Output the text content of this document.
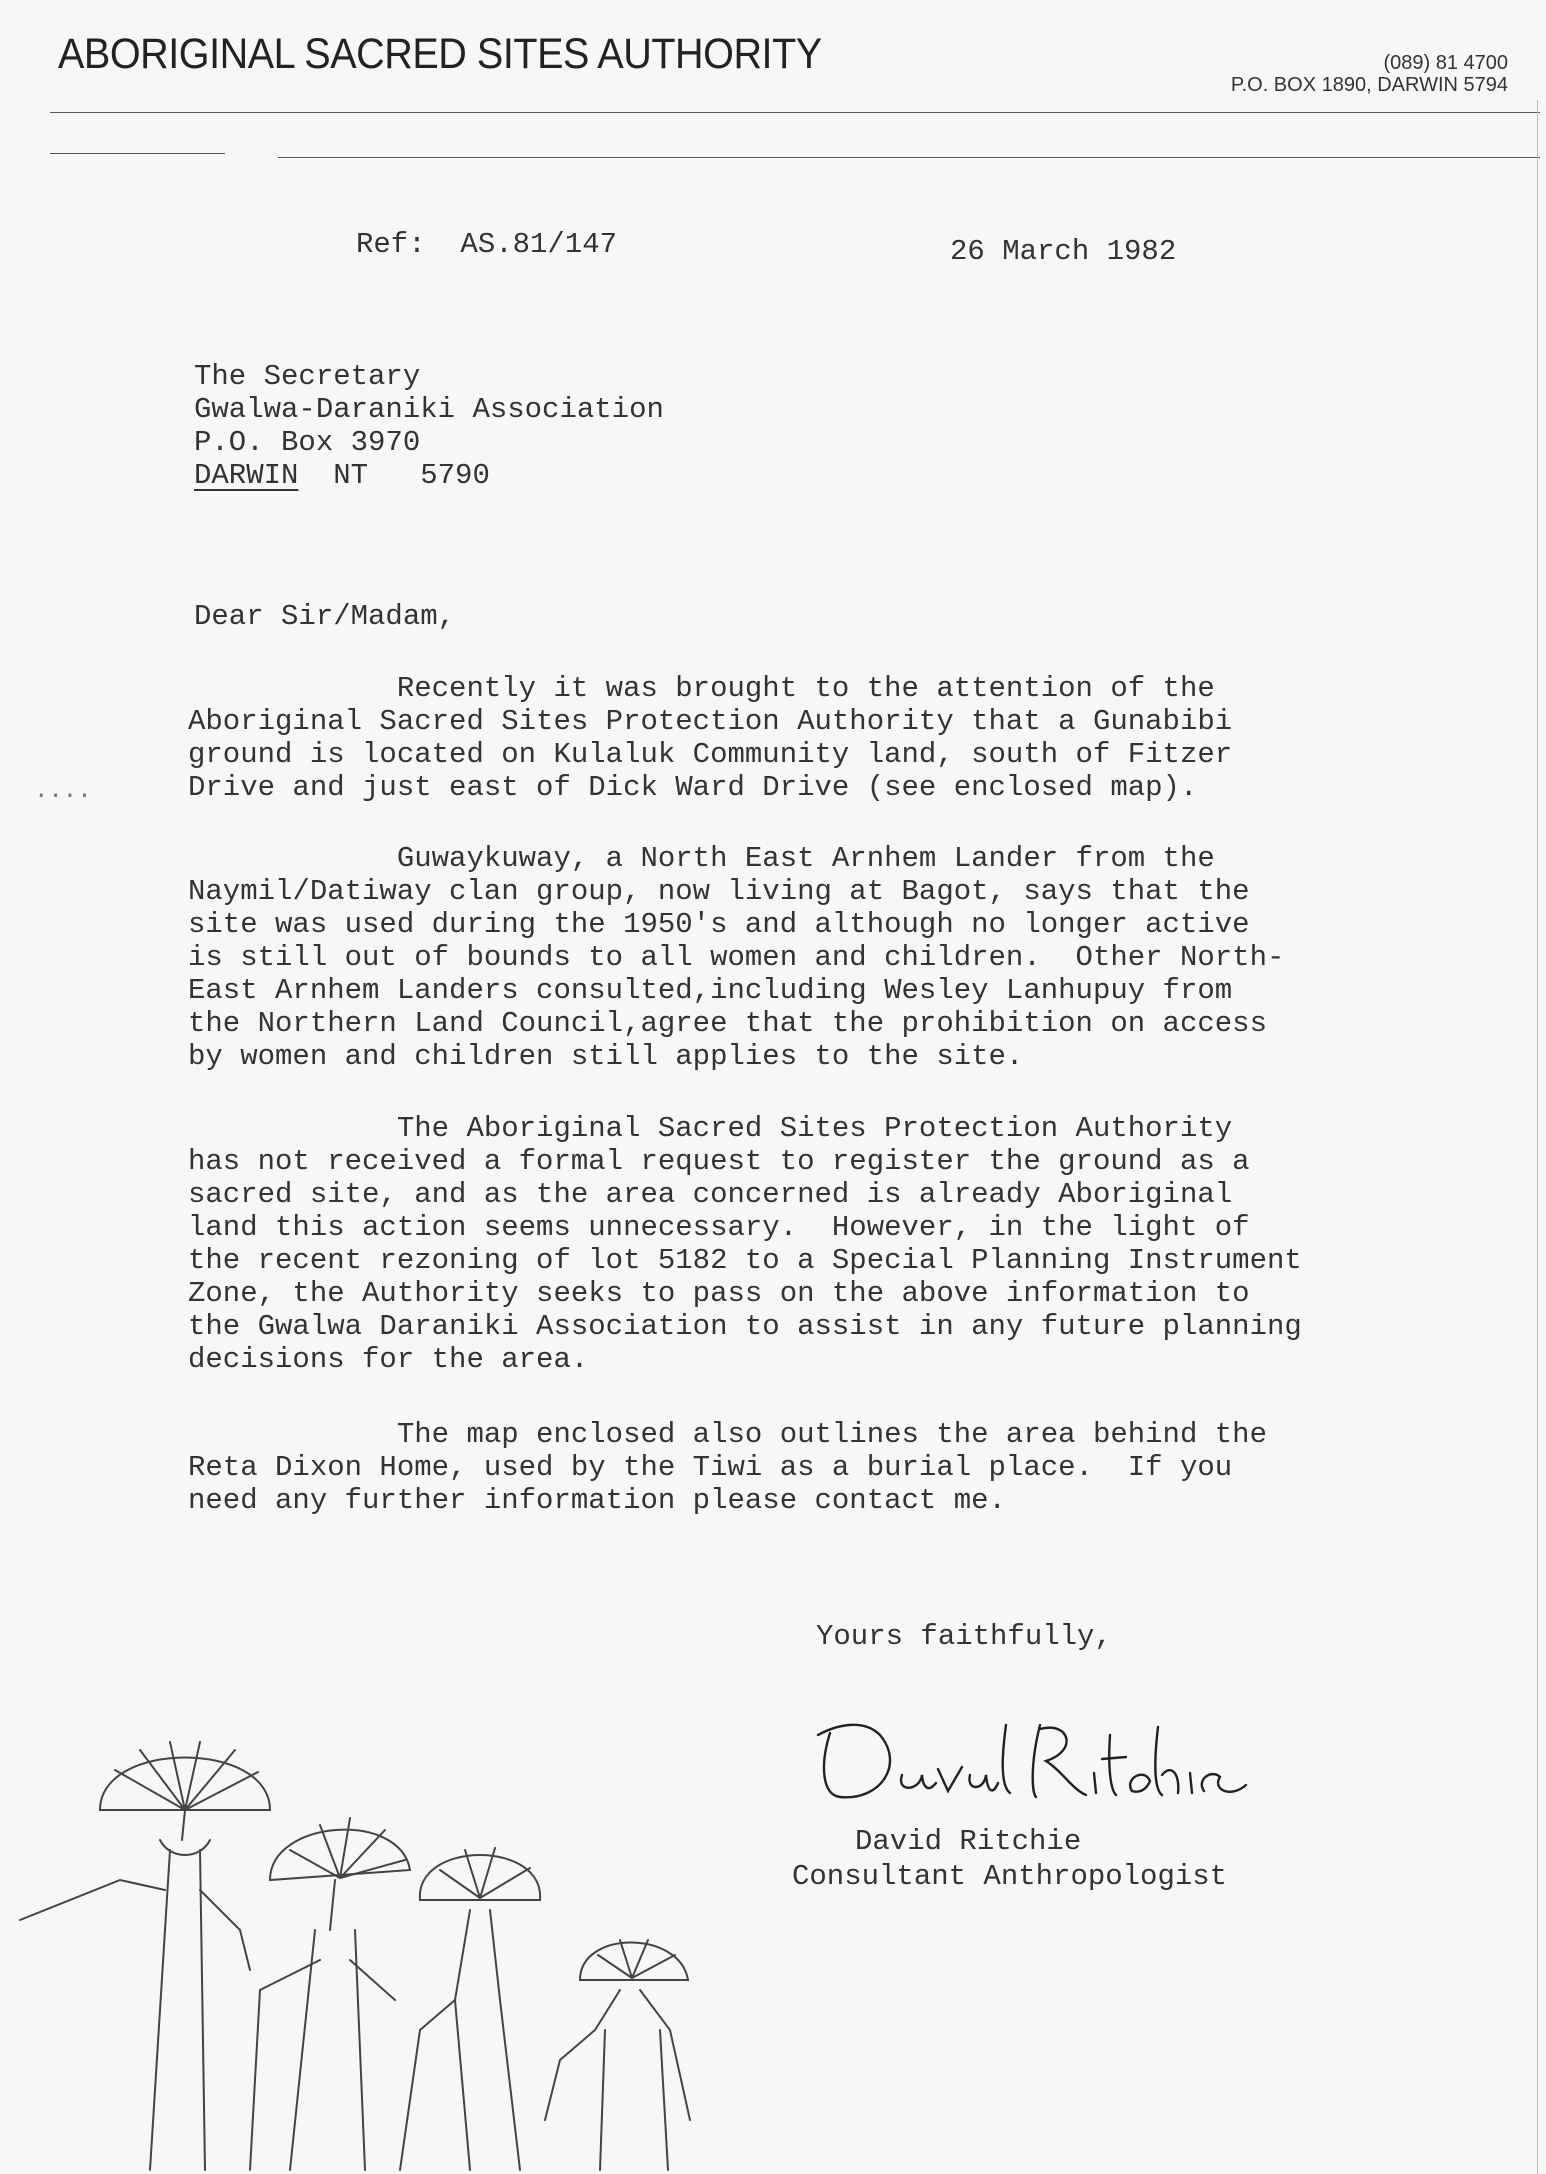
ABORIGINAL SACRED SITES AUTHORITY	(089) 81 4700
P.O. BOX 1890, DARWIN 5794
Ref:  AS.81/147	26 March 1982
The Secretary
Gwalwa-Daraniki Association
P.O. Box 3970
DARWIN  NT   5790
Dear Sir/Madam,
Recently it was brought to the attention of the
Aboriginal Sacred Sites Protection Authority that a Gunabibi
ground is located on Kulaluk Community land, south of Fitzer
Drive and just east of Dick Ward Drive (see enclosed map).
....
Guwaykuway, a North East Arnhem Lander from the
Naymil/Datiway clan group, now living at Bagot, says that the
site was used during the 1950's and although no longer active
is still out of bounds to all women and children.  Other North-
East Arnhem Landers consulted,including Wesley Lanhupuy from
the Northern Land Council,agree that the prohibition on access
by women and children still applies to the site.
The Aboriginal Sacred Sites Protection Authority
has not received a formal request to register the ground as a
sacred site, and as the area concerned is already Aboriginal
land this action seems unnecessary.  However, in the light of
the recent rezoning of lot 5182 to a Special Planning Instrument
Zone, the Authority seeks to pass on the above information to
the Gwalwa Daraniki Association to assist in any future planning
decisions for the area.
The map enclosed also outlines the area behind the
Reta Dixon Home, used by the Tiwi as a burial place.  If you
need any further information please contact me.
Yours faithfully,
David Ritchie
David Ritchie
Consultant Anthropologist
